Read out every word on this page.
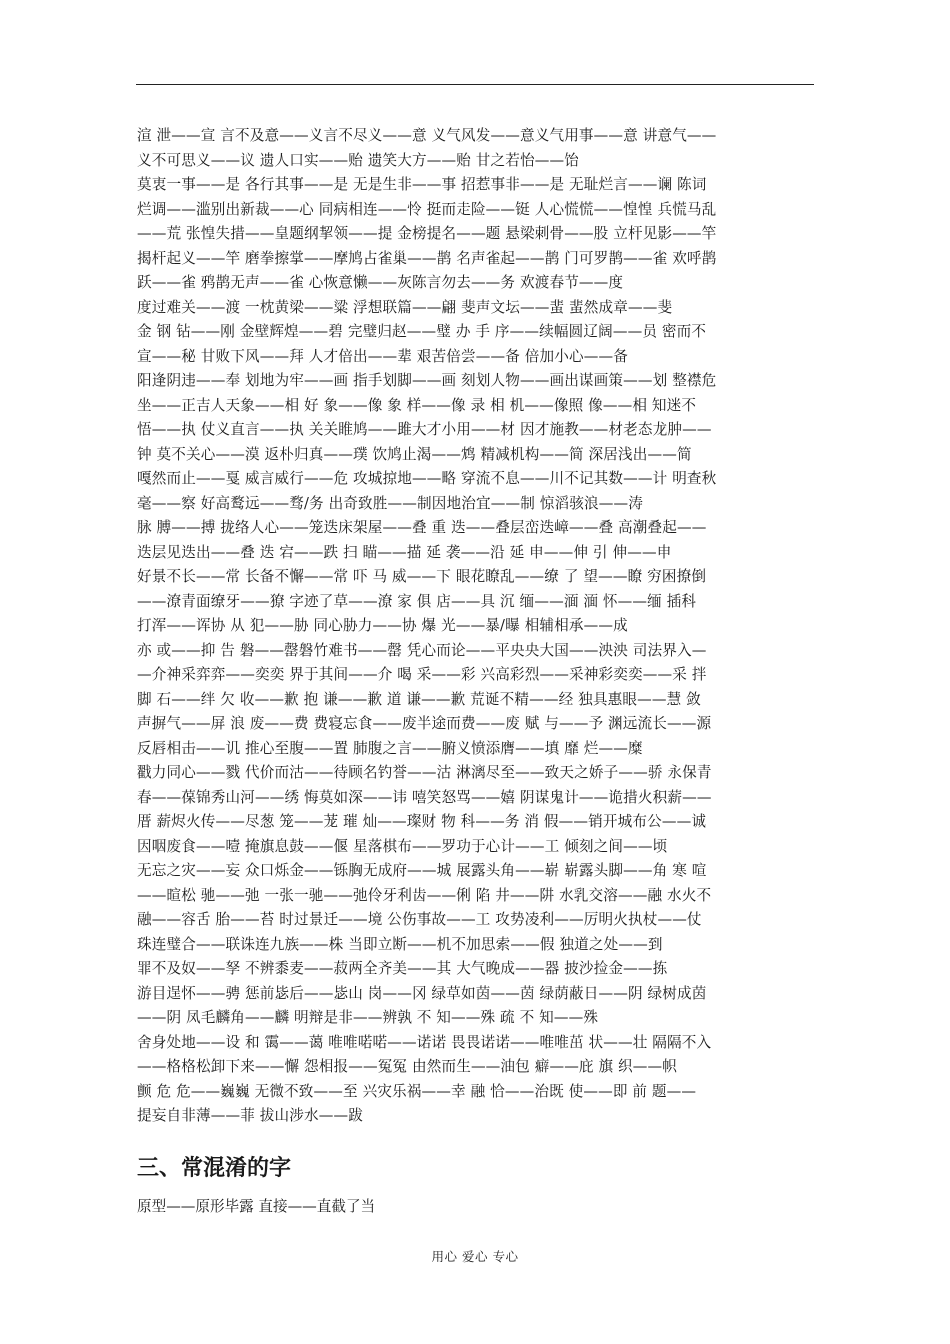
渲 泄——宣 言不及意——义言不尽义——意 义气风发——意义气用事——意 讲意气——
义不可思义——议 遗人口实——贻 遗笑大方——贻 甘之若怡——饴
莫衷一事——是 各行其事——是 无是生非——事 招惹事非——是 无耻烂言——谰 陈词
烂调——滥别出新裁——心 同病相连——怜 挺而走险——铤 人心慌慌——惶惶 兵慌马乱
——荒 张惶失措——皇题纲挈领——提 金榜提名——题 悬梁刺骨——股 立杆见影——竿
揭杆起义——竿 磨拳擦掌——摩鸠占雀巢——鹊 名声雀起——鹊 门可罗鹊——雀 欢呼鹊
跃——雀 鸦鹊无声——雀 心恢意懒——灰陈言勿去——务 欢渡春节——度
度过难关——渡 一枕黄梁——粱 浮想联篇——翩 斐声文坛——蜚 蜚然成章——斐
金 钢 钻——刚 金壁辉煌——碧 完璧归赵——璧 办 手 序——续幅圆辽阔——员 密而不
宣——秘 甘败下风——拜 人才倍出——辈 艰苦倍尝——备 倍加小心——备
阳逢阴违——奉 划地为牢——画 指手划脚——画 刻划人物——画出谋画策——划 整襟危
坐——正吉人天象——相 好 象——像 象 样——像 录 相 机——像照 像——相 知迷不
悟——执 仗义直言——执 关关睢鸠——雎大才小用——材 因才施教——材老态龙肿——
钟 莫不关心——漠 返朴归真——璞 饮鸠止渴——鸩 精减机构——简 深居浅出——简
嘎然而止——戛 威言威行——危 攻城掠地——略 穿流不息——川不记其数——计 明查秋
毫——察 好高鹜远——骛/务 出奇致胜——制因地治宜——制 惊滔骇浪——涛
脉 膊——搏 拢络人心——笼迭床架屋——叠 重 迭——叠层峦迭嶂——叠 高潮叠起——
迭层见迭出——叠 迭 宕——跌 扫 瞄——描 延 袭——沿 延 申——伸 引 伸——申
好景不长——常 长备不懈——常 吓 马 威——下 眼花瞭乱——缭 了 望——瞭 穷困撩倒
——潦青面缭牙——獠 字迹了草——潦 家 俱 店——具 沉 缅——湎 湎 怀——缅 插科
打浑——诨协 从 犯——胁 同心胁力——协 爆 光——暴/曝 相辅相承——成
亦 或——抑 告 磐——罄磐竹难书——罄 凭心而论——平央央大国——泱泱 司法界入—
—介神采弈弈——奕奕 界于其间——介 喝 采——彩 兴高彩烈——采神彩奕奕——采 拌
脚 石——绊 欠 收——歉 抱 谦——歉 道 谦——歉 荒诞不精——经 独具惠眼——慧 敛
声摒气——屏 浪 废——费 费寝忘食——废半途而费——废 赋 与——予 渊远流长——源
反唇相击——讥 推心至腹——置 肺腹之言——腑义愤添膺——填 靡 烂——糜
戳力同心——戮 代价而沽——待顾名钓誉——沽 淋漓尽至——致天之娇子——骄 永保青
春——葆锦秀山河——绣 悔莫如深——讳 嘻笑怒骂——嬉 阴谋鬼计——诡措火积薪——
厝 薪烬火传——尽葱 笼——茏 璀 灿——璨财 物 科——务 消 假——销开城布公——诚
因咽废食——噎 掩旗息鼓——偃 星落棋布——罗功于心计——工 倾刻之间——顷
无忘之灾——妄 众口烁金——铄胸无成府——城 展露头角——崭 崭露头脚——角 寒 喧
——暄松 驰——弛 一张一驰——弛伶牙利齿——俐 陷 井——阱 水乳交溶——融 水火不
融——容舌 胎——苔 时过景迁——境 公伤事故——工 攻势凌利——厉明火执杖——仗
珠连璧合——联诛连九族——株 当即立断——机不加思索——假 独道之处——到
罪不及奴——孥 不辨黍麦——菽两全齐美——其 大气晚成——器 披沙捡金——拣
游目逞怀——骋 惩前毖后——毖山 岗——冈 绿草如茵——茵 绿荫蔽日——阴 绿树成茵
——阴 凤毛麟角——麟 明辩是非——辨孰 不 知——殊 疏 不 知——殊
舍身处地——设 和 霭——蔼 唯唯喏喏——诺诺 畏畏诺诺——唯唯茁 状——壮 隔隔不入
——格格松卸下来——懈 怨相报——冤冤 由然而生——油包 癖——庇 旗 织——帜
颤 危 危——巍巍 无微不致——至 兴灾乐祸——幸 融 恰——治既 使——即 前 题——
提妄自非薄——菲 拔山涉水——跋
三、常混淆的字
原型——原形毕露 直接——直截了当
用心 爱心 专心
